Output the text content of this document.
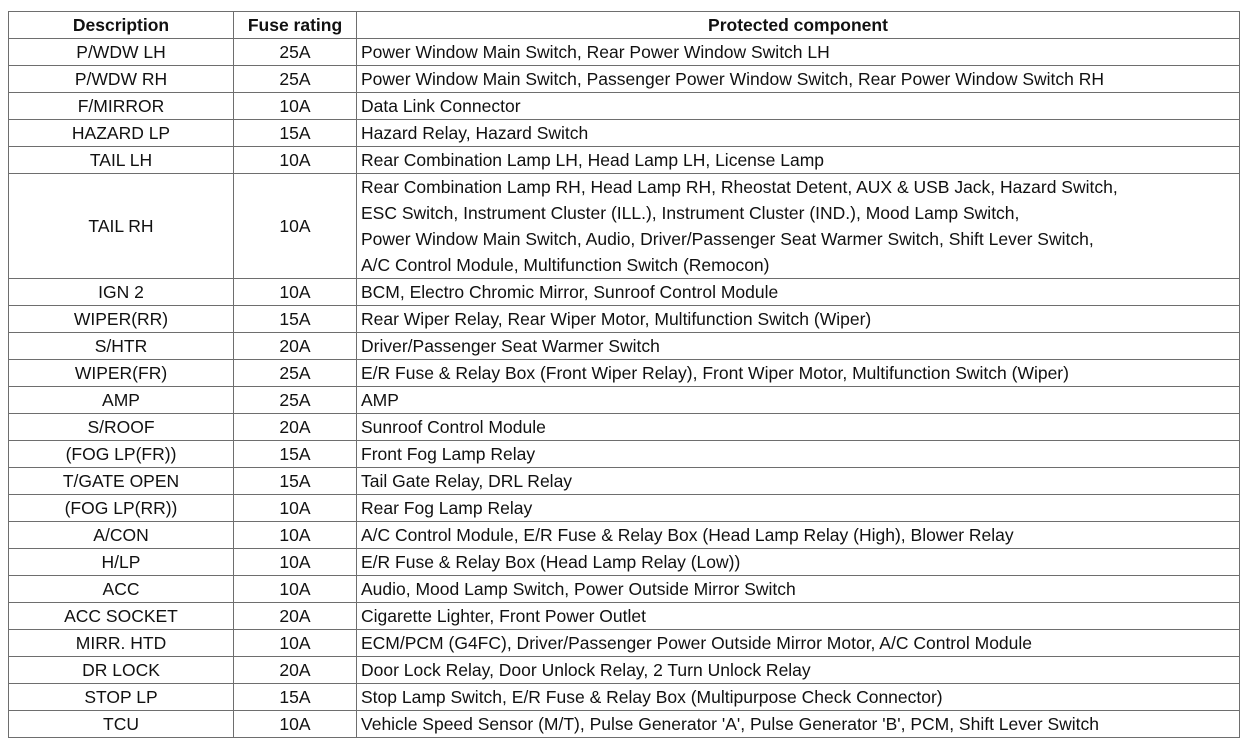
Description	Fuse rating	Protected component
P/WDW LH	25A	Power Window Main Switch, Rear Power Window Switch LH

P/WDW RH	25A	Power Window Main Switch, Passenger Power Window Switch, Rear Power Window Switch RH

F/MIRROR	10A	Data Link Connector

HAZARD LP	15A	Hazard Relay, Hazard Switch

TAIL LH	10A	Rear Combination Lamp LH, Head Lamp LH, License Lamp

TAIL RH	10A	Rear Combination Lamp RH, Head Lamp RH, Rheostat Detent, AUX & USB Jack, Hazard Switch,
ESC Switch, Instrument Cluster (ILL.), Instrument Cluster (IND.), Mood Lamp Switch,
Power Window Main Switch, Audio, Driver/Passenger Seat Warmer Switch, Shift Lever Switch,
A/C Control Module, Multifunction Switch (Remocon)

IGN 2	10A	BCM, Electro Chromic Mirror, Sunroof Control Module

WIPER(RR)	15A	Rear Wiper Relay, Rear Wiper Motor, Multifunction Switch (Wiper)

S/HTR	20A	Driver/Passenger Seat Warmer Switch

WIPER(FR)	25A	E/R Fuse & Relay Box (Front Wiper Relay), Front Wiper Motor, Multifunction Switch (Wiper)

AMP	25A	AMP

S/ROOF	20A	Sunroof Control Module

(FOG LP(FR))	15A	Front Fog Lamp Relay

T/GATE OPEN	15A	Tail Gate Relay, DRL Relay

(FOG LP(RR))	10A	Rear Fog Lamp Relay

A/CON	10A	A/C Control Module, E/R Fuse & Relay Box (Head Lamp Relay (High), Blower Relay

H/LP	10A	E/R Fuse & Relay Box (Head Lamp Relay (Low))

ACC	10A	Audio, Mood Lamp Switch, Power Outside Mirror Switch

ACC SOCKET	20A	Cigarette Lighter, Front Power Outlet

MIRR. HTD	10A	ECM/PCM (G4FC), Driver/Passenger Power Outside Mirror Motor, A/C Control Module

DR LOCK	20A	Door Lock Relay, Door Unlock Relay, 2 Turn Unlock Relay

STOP LP	15A	Stop Lamp Switch, E/R Fuse & Relay Box (Multipurpose Check Connector)

TCU	10A	Vehicle Speed Sensor (M/T), Pulse Generator 'A', Pulse Generator 'B', PCM, Shift Lever Switch
